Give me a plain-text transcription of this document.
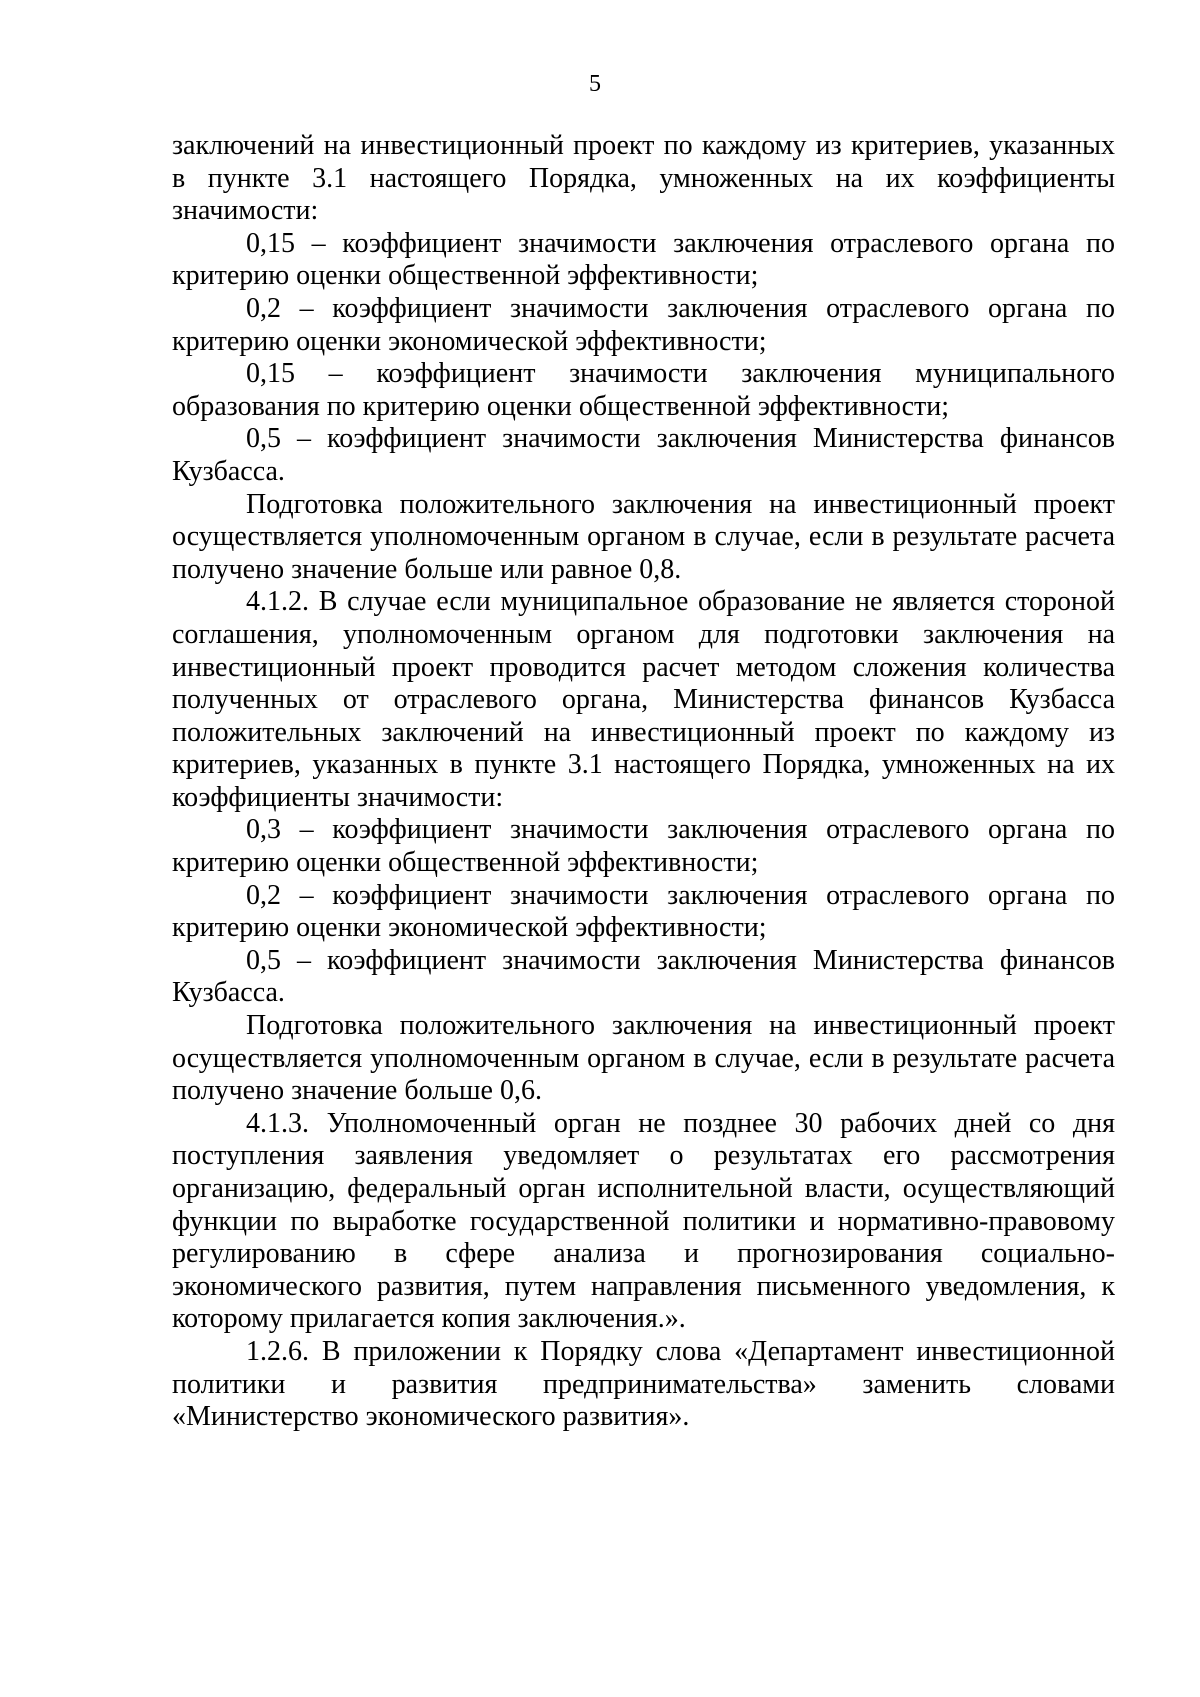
5

заключений на инвестиционный проект по каждому из критериев, указанных в пункте 3.1 настоящего Порядка, умноженных на их коэффициенты значимости:

0,15 – коэффициент значимости заключения отраслевого органа по критерию оценки общественной эффективности;

0,2 – коэффициент значимости заключения отраслевого органа по критерию оценки экономической эффективности;

0,15 – коэффициент значимости заключения муниципального образования по критерию оценки общественной эффективности;

0,5 – коэффициент значимости заключения Министерства финансов Кузбасса.

Подготовка положительного заключения на инвестиционный проект осуществляется уполномоченным органом в случае, если в результате расчета получено значение больше или равное 0,8.

4.1.2. В случае если муниципальное образование не является стороной соглашения, уполномоченным органом для подготовки заключения на инвестиционный проект проводится расчет методом сложения количества полученных от отраслевого органа, Министерства финансов Кузбасса положительных заключений на инвестиционный проект по каждому из критериев, указанных в пункте 3.1 настоящего Порядка, умноженных на их коэффициенты значимости:

0,3 – коэффициент значимости заключения отраслевого органа по критерию оценки общественной эффективности;

0,2 – коэффициент значимости заключения отраслевого органа по критерию оценки экономической эффективности;

0,5 – коэффициент значимости заключения Министерства финансов Кузбасса.

Подготовка положительного заключения на инвестиционный проект осуществляется уполномоченным органом в случае, если в результате расчета получено значение больше 0,6.

4.1.3. Уполномоченный орган не позднее 30 рабочих дней со дня поступления заявления уведомляет о результатах его рассмотрения организацию, федеральный орган исполнительной власти, осуществляющий функции по выработке государственной политики и нормативно-правовому регулированию в сфере анализа и прогнозирования социально-экономического развития, путем направления письменного уведомления, к которому прилагается копия заключения.».

1.2.6. В приложении к Порядку слова «Департамент инвестиционной политики и развития предпринимательства» заменить словами «Министерство экономического развития».
